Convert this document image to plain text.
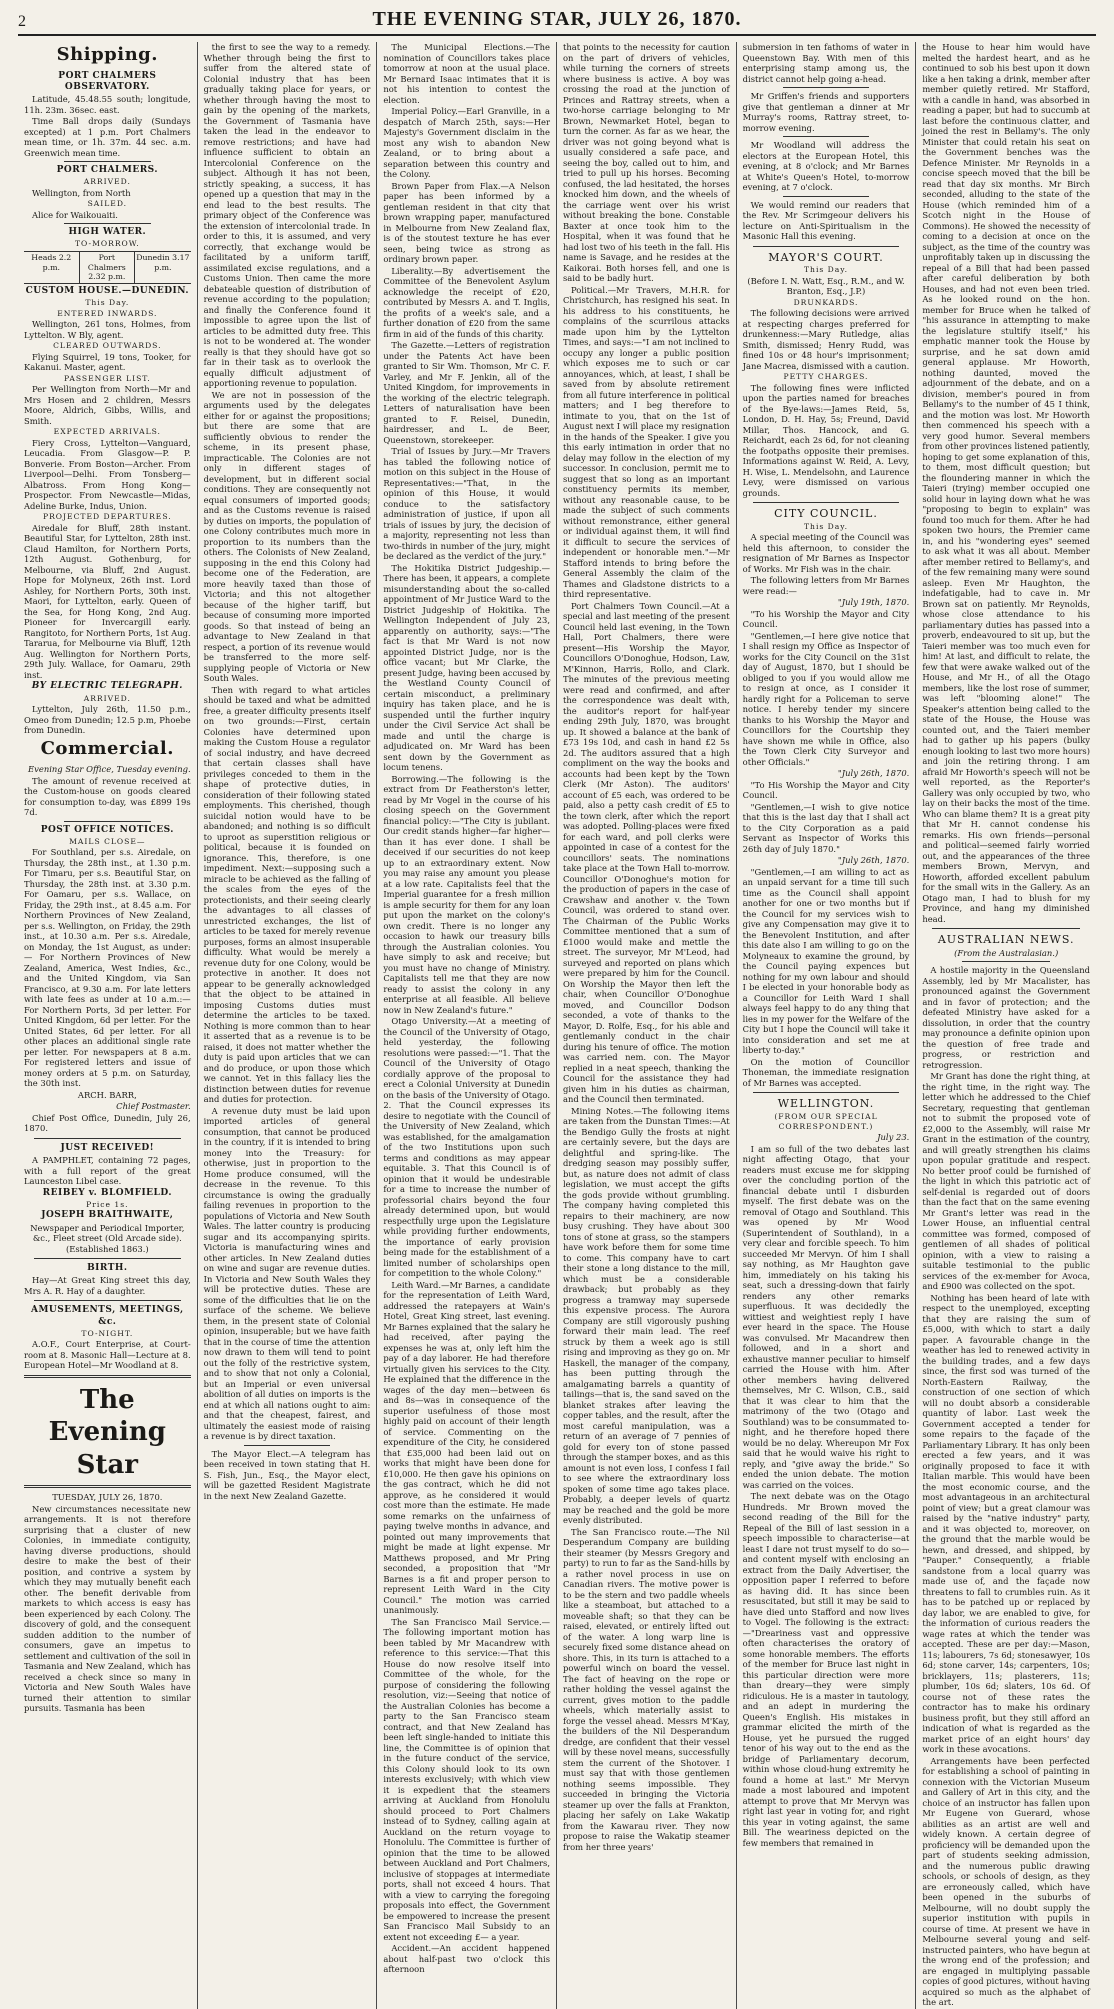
2	THE EVENING STAR, JULY 26, 1870.
Shipping.

PORT CHALMERS OBSERVATORY.

Latitude, 45.48.55 south; longitude, 11h. 23m. 36sec. east.

Time Ball drops daily (Sundays excepted) at 1 p.m. Port Chalmers mean time, or 1h. 37m. 44 sec. a.m. Greenwich mean time.

PORT CHALMERS.

ARRIVED.

Wellington, from North

SAILED.

Alice for Waikouaiti.

HIGH WATER.

TO-MORROW.

Heads 2.2 p.m.
Port Chalmers 2.32 p.m.
Dunedin 3.17 p.m.

CUSTOM HOUSE.—DUNEDIN.

This Day.

ENTERED INWARDS.

Wellington, 261 tons, Holmes, from Lyttelton. W Bly, agent.

CLEARED OUTWARDS.

Flying Squirrel, 19 tons, Tooker, for Kakanui. Master, agent.

PASSENGER LIST.

Per Wellington from North—Mr and Mrs Hosen and 2 children, Messrs Moore, Aldrich, Gibbs, Willis, and Smith.

EXPECTED ARRIVALS.

Fiery Cross, Lyttelton—Vanguard, Leucadia. From Glasgow—P. P. Bonverie. From Boston—Archer. From Liverpool—Delhi. From Tonsberg—Albatross. From Hong Kong—Prospector. From Newcastle—Midas, Adeline Burke, Indus, Union.

PROJECTED DEPARTURES.

Airedale for Bluff, 28th instant. Beautiful Star, for Lyttelton, 28th inst. Claud Hamilton, for Northern Ports, 12th August. Gothenburg, for Melbourne, via Bluff, 2nd August. Hope for Molyneux, 26th inst. Lord Ashley, for Northern Ports, 30th inst. Maori, for Lyttelton, early. Queen of the Sea, for Hong Kong, 2nd Aug. Pioneer for Invercargill early. Rangitoto, for Northern Ports, 1st Aug. Tararua, for Melbourne via Bluff, 12th Aug. Wellington for Northern Ports, 29th July. Wallace, for Oamaru, 29th inst.

BY ELECTRIC TELEGRAPH.

ARRIVED.

Lyttelton, July 26th, 11.50 p.m., Omeo from Dunedin; 12.5 p.m, Phoebe from Dunedin.

Commercial.

Evening Star Office, Tuesday evening.

The amount of revenue received at the Custom-house on goods cleared for consumption to-day, was £899 19s 7d.

POST OFFICE NOTICES.

MAILS CLOSE—

For Southland, per s.s. Airedale, on Thursday, the 28th inst., at 1.30 p.m. For Timaru, per s.s. Beautiful Star, on Thursday, the 28th inst. at 3.30 p.m. For Oamaru, per s.s. Wallace, on Friday, the 29th inst., at 8.45 a.m. For Northern Provinces of New Zealand, per s.s. Wellington, on Friday, the 29th inst., at 10.30 a.m. Per s.s. Airedale, on Monday, the 1st August, as under:— For Northern Provinces of New Zealand, America, West Indies, &c., and the United Kingdom, via San Francisco, at 9.30 a.m. For late letters with late fees as under at 10 a.m.:— For Northern Ports, 3d per letter. For United Kingdom, 6d per letter. For the United States, 6d per letter. For all other places an additional single rate per letter. For newspapers at 8 a.m. For registered letters and issue of money orders at 5 p.m. on Saturday, the 30th inst.

ARCH. BARR,

Chief Postmaster.

Chief Post Office, Dunedin, July 26, 1870.

JUST RECEIVED!

A PAMPHLET, containing 72 pages, with a full report of the great Launceston Libel case.

REIBEY v. BLOMFIELD.

Price 1s.

JOSEPH BRAITHWAITE,

Newspaper and Periodical Importer, &c., Fleet street (Old Arcade side). (Established 1863.)

BIRTH.

Hay—At Great King street this day, Mrs A. R. Hay of a daughter.

AMUSEMENTS, MEETINGS, &c.

TO-NIGHT.

A.O.F., Court Enterprise, at Court-room at 8. Masonic Hall—Lecture at 8. European Hotel—Mr Woodland at 8.

The Evening Star

TUESDAY, JULY 26, 1870.

New circumstances necessitate new arrangements. It is not therefore surprising that a cluster of new Colonies, in immediate contiguity, having diverse productions, should desire to make the best of their position, and contrive a system by which they may mutually benefit each other. The benefit derivable from markets to which access is easy has been experienced by each Colony. The discovery of gold, and the consequent sudden addition to the number of consumers, gave an impetus to settlement and cultivation of the soil in Tasmania and New Zealand, which has received a check since so many in Victoria and New South Wales have turned their attention to similar pursuits. Tasmania has been

the first to see the way to a remedy. Whether through being the first to suffer from the altered state of Colonial industry that has been gradually taking place for years, or whether through having the most to gain by the opening of the markets, the Government of Tasmania have taken the lead in the endeavor to remove restrictions; and have had influence sufficient to obtain an Intercolonial Conference on the subject. Although it has not been, strictly speaking, a success, it has opened up a question that may in the end lead to the best results. The primary object of the Conference was the extension of intercolonial trade. In order to this, it is assumed, and very correctly, that exchange would be facilitated by a uniform tariff, assimilated excise regulations, and a Customs Union. Then came the more debateable question of distribution of revenue according to the population; and finally the Conference found it impossible to agree upon the list of articles to be admitted duty free. This is not to be wondered at. The wonder really is that they should have got so far in their task as to overlook the equally difficult adjustment of apportioning revenue to population.

We are not in possession of the arguments used by the delegates either for or against the propositions; but there are some that are sufficiently obvious to render the scheme, in its present phase, impracticable. The Colonies are not only in different stages of development, but in different social conditions. They are consequently not equal consumers of imported goods; and as the Customs revenue is raised by duties on imports, the population of one Colony contributes much more in proportion to its numbers than the others. The Colonists of New Zealand, supposing in the end this Colony had become one of the Federation, are more heavily taxed than those of Victoria; and this not altogether because of the higher tariff, but because of consuming more imported goods. So that instead of being an advantage to New Zealand in that respect, a portion of its revenue would be transferred to the more self-supplying people of Victoria or New South Wales.

Then with regard to what articles should be taxed and what be admitted free, a greater difficulty presents itself on two grounds:—First, certain Colonies have determined upon making the Custom House a regulator of social industry, and have decreed that certain classes shall have privileges conceded to them in the shape of protective duties, in consideration of their following stated employments. This cherished, though suicidal notion would have to be abandoned; and nothing is so difficult to uproot as superstition religious or political, because it is founded on ignorance. This, therefore, is one impediment. Next:—supposing such a miracle to be achieved as the falling of the scales from the eyes of the protectionists, and their seeing clearly the advantages to all classes of unrestricted exchanges, the list of articles to be taxed for merely revenue purposes, forms an almost insuperable difficulty. What would be merely a revenue duty for one Colony, would be protective in another. It does not appear to be generally acknowledged that the object to be attained in imposing Customs duties must determine the articles to be taxed. Nothing is more common than to hear it asserted that as a revenue is to be raised, it does not matter whether the duty is paid upon articles that we can and do produce, or upon those which we cannot. Yet in this fallacy lies the distinction between duties for revenue and duties for protection.

A revenue duty must be laid upon imported articles of general consumption, that cannot be produced in the country, if it is intended to bring money into the Treasury: for otherwise, just in proportion to the Home produce consumed, will the decrease in the revenue. To this circumstance is owing the gradually failing revenues in proportion to the populations of Victoria and New South Wales. The latter country is producing sugar and its accompanying spirits. Victoria is manufacturing wines and other articles. In New Zealand duties on wine and sugar are revenue duties. In Victoria and New South Wales they will be protective duties. These are some of the difficulties that lie on the surface of the scheme. We believe them, in the present state of Colonial opinion, insuperable; but we have faith that in the course of time the attention now drawn to them will tend to point out the folly of the restrictive system, and to show that not only a Colonial, but an Imperial or even universal abolition of all duties on imports is the end at which all nations ought to aim: and that the cheapest, fairest, and ultimately the easiest mode of raising a revenue is by direct taxation.

The Mayor Elect.—A telegram has been received in town stating that H. S. Fish, Jun., Esq., the Mayor elect, will be gazetted Resident Magistrate in the next New Zealand Gazette.

The Municipal Elections.—The nomination of Councillors takes place tomorrow at noon at the usual place. Mr Bernard Isaac intimates that it is not his intention to contest the election.

Imperial Policy.—Earl Granville, in a despatch of March 25th, says:—Her Majesty's Government disclaim in the most any wish to abandon New Zealand, or to bring about a separation between this country and the Colony.

Brown Paper from Flax.—A Nelson paper has been informed by a gentleman resident in that city that brown wrapping paper, manufactured in Melbourne from New Zealand flax, is of the stoutest texture he has ever seen, being twice as strong as ordinary brown paper.

Liberality.—By advertisement the Committee of the Benevolent Asylum acknowledge the receipt of £20, contributed by Messrs A. and T. Inglis, the profits of a week's sale, and a further donation of £20 from the same firm in aid of the funds of this charity.

The Gazette.—Letters of registration under the Patents Act have been granted to Sir Wm. Thomson, Mr C. F. Varley, and Mr F. Jenkin, all of the United Kingdom, for improvements in the working of the electric telegraph. Letters of naturalisation have been granted to F. Reisel, Dunedin, hairdresser, and L. de Beer, Queenstown, storekeeper.

Trial of Issues by Jury.—Mr Travers has tabled the following notice of motion on this subject in the House of Representatives:—"That, in the opinion of this House, it would conduce to the satisfactory administration of justice, if upon all trials of issues by jury, the decision of a majority, representing not less than two-thirds in number of the jury, might be declared as the verdict of the jury."

The Hokitika District Judgeship.—There has been, it appears, a complete misunderstanding about the so-called appointment of Mr Justice Ward to the District Judgeship of Hokitika. The Wellington Independent of July 23, apparently on authority, says:—"The fact is that Mr Ward is not now appointed District Judge, nor is the office vacant; but Mr Clarke, the present Judge, having been accused by the Westland County Council of certain misconduct, a preliminary inquiry has taken place, and he is suspended until the further inquiry under the Civil Service Act shall be made and until the charge is adjudicated on. Mr Ward has been sent down by the Government as locum tenens.

Borrowing.—The following is the extract from Dr Featherston's letter, read by Mr Vogel in the course of his closing speech on the Government financial policy:—"The City is jubilant. Our credit stands higher—far higher—than it has ever done. I shall be deceived if our securities do not keep up to an extraordinary extent. Now you may raise any amount you please at a low rate. Capitalists feel that the Imperial guarantee for a fresh million is ample security for them for any loan put upon the market on the colony's own credit. There is no longer any occasion to hawk our treasury bills through the Australian colonies. You have simply to ask and receive; but you must have no change of Ministry. Capitalists tell me that they are now ready to assist the colony in any enterprise at all feasible. All believe now in New Zealand's future."

Otago University.—At a meeting of the Council of the University of Otago, held yesterday, the following resolutions were passed:—"1. That the Council of the University of Otago cordially approve of the proposal to erect a Colonial University at Dunedin on the basis of the University of Otago. 2. That the Council expresses its desire to negotiate with the Council of the University of New Zealand, which was established, for the amalgamation of the two Institutions upon such terms and conditions as may appear equitable. 3. That this Council is of opinion that it would be undesirable for a time to increase the number of professorial chairs beyond the four already determined upon, but would respectfully urge upon the Legislature while providing further endowments, the importance of early provision being made for the establishment of a limited number of scholarships open for competition to the whole Colony."

Leith Ward.—Mr Barnes, a candidate for the representation of Leith Ward, addressed the ratepayers at Wain's Hotel, Great King street, last evening. Mr Barnes explained that the salary he had received, after paying the expenses he was at, only left him the pay of a day laborer. He had therefore virtually given his services to the City. He explained that the difference in the wages of the day men—between 6s and 8s—was in consequence of the superior usefulness of those most highly paid on account of their length of service. Commenting on the expenditure of the City, he considered that £35,000 had been laid out on works that might have been done for £10,000. He then gave his opinions on the gas contract, which he did not approve, as he considered it would cost more than the estimate. He made some remarks on the unfairness of paying twelve months in advance, and pointed out many improvements that might be made at light expense. Mr Matthews proposed, and Mr Pring seconded, a proposition that "Mr Barnes is a fit and proper person to represent Leith Ward in the City Council." The motion was carried unanimously.

The San Francisco Mail Service.—The following important motion has been tabled by Mr Macandrew with reference to this service:—That this House do now resolve itself into Committee of the whole, for the purpose of considering the following resolution, viz:—Seeing that notice of the Australian Colonies has become a party to the San Francisco steam contract, and that New Zealand has been left single-handed to initiate this line, the Committee is of opinion that in the future conduct of the service, this Colony should look to its own interests exclusively; with which view it is expedient that the steamers arriving at Auckland from Honolulu should proceed to Port Chalmers instead of to Sydney, calling again at Auckland on the return voyage to Honolulu. The Committee is further of opinion that the time to be allowed between Auckland and Port Chalmers, inclusive of stoppages at intermediate ports, shall not exceed 4 hours. That with a view to carrying the foregoing proposals into effect, the Government be empowered to increase the present San Francisco Mail Subsidy to an extent not exceeding £— a year.

Accident.—An accident happened about half-past two o'clock this afternoon

that points to the necessity for caution on the part of drivers of vehicles, while turning the corners of streets where business is active. A boy was crossing the road at the junction of Princes and Rattray streets, when a two-horse carriage belonging to Mr Brown, Newmarket Hotel, began to turn the corner. As far as we hear, the driver was not going beyond what is usually considered a safe pace, and seeing the boy, called out to him, and tried to pull up his horses. Becoming confused, the lad hesitated, the horses knocked him down, and the wheels of the carriage went over his wrist without breaking the bone. Constable Baxter at once took him to the Hospital, when it was found that he had lost two of his teeth in the fall. His name is Savage, and he resides at the Kaikorai. Both horses fell, and one is said to be badly hurt.

Political.—Mr Travers, M.H.R. for Christchurch, has resigned his seat. In his address to his constituents, he complains of the scurrilous attacks made upon him by the Lyttelton Times, and says:—"I am not inclined to occupy any longer a public position which exposes me to such or car annoyances, which, at least, I shall be saved from by absolute retirement from all future interference in political matters; and I beg therefore to intimate to you, that on the 1st of August next I will place my resignation in the hands of the Speaker. I give you this early intimation in order that no delay may follow in the election of my successor. In conclusion, permit me to suggest that so long as an important constituency permits its member, without any reasonable cause, to be made the subject of such comments without remonstrance, either general or individual against them, it will find it difficult to secure the services of independent or honorable men."—Mr Stafford intends to bring before the General Assembly the claim of the Thames and Gladstone districts to a third representative.

Port Chalmers Town Council.—At a special and last meeting of the present Council held last evening, in the Town Hall, Port Chalmers, there were present—His Worship the Mayor, Councillors O'Donoghue, Hodson, Law, M'Kinnon, Harris, Rollo, and Clark. The minutes of the previous meeting were read and confirmed, and after the correspondence was dealt with, the auditor's report for half-year ending 29th July, 1870, was brought up. It showed a balance at the bank of £73 19s 10d, and cash in hand £2 5s 2d. The auditors assured that a high compliment on the way the books and accounts had been kept by the Town Clerk (Mr Aston). The auditors' account of £5 each, was ordered to be paid, also a petty cash credit of £5 to the town clerk, after which the report was adopted. Polling-places were fixed for each ward, and poll clerks were appointed in case of a contest for the councillors' seats. The nominations take place at the Town Hall to-morrow. Councillor O'Donoghue's motion for the production of papers in the case of Crawshaw and another v. the Town Council, was ordered to stand over. The Chairman of the Public Works Committee mentioned that a sum of £1000 would make and mettle the street. The surveyor, Mr M'Leod, had surveyed and reported on plans which were prepared by him for the Council. On Worship the Mayor then left the chair, when Councillor O'Donoghue moved, and Councillor Dodson seconded, a vote of thanks to the Mayor, D. Rolfe, Esq., for his able and gentlemanly conduct in the chair during his tenure of office. The motion was carried nem. con. The Mayor replied in a neat speech, thanking the Council for the assistance they had given him in his duties as chairman, and the Council then terminated.

Mining Notes.—The following items are taken from the Dunstan Times:—At the Bendigo Gully the frosts at night are certainly severe, but the days are delightful and spring-like. The dredging season may possibly suffer, but, as nature does not admit of class legislation, we must accept the gifts the gods provide without grumbling. The company having completed this repairs to their machinery, are now busy crushing. They have about 300 tons of stone at grass, so the stampers have work before them for some time to come. This company have to cart their stone a long distance to the mill, which must be a considerable drawback; but probably as they progress a tramway may supersede this expensive process. The Aurora Company are still vigorously pushing forward their main lead. The reef struck by them a week ago is still rising and improving as they go on. Mr Haskell, the manager of the company, has been putting through the amalgamating barrels a quantity of tailings—that is, the sand saved on the blanket strakes after leaving the copper tables, and the result, after the most careful manipulation, was a return of an average of 7 pennies of gold for every ton of stone passed through the stamper boxes, and as this amount is not even loss, I confess I fail to see where the extraordinary loss spoken of some time ago takes place. Probably, a deeper levels of quartz may be reached and the gold be more evenly distributed.

The San Francisco route.—The Nil Desperandum Company are building their steamer (by Messrs Gregory and party) to run to far as the Sand-hills by a rather novel process in use on Canadian rivers. The motive power is to be the stern and two paddle wheels like a steamboat, but attached to a moveable shaft; so that they can be raised, elevated, or entirely lifted out of the water. A long warp line is securely fixed some distance ahead on shore. This, in its turn is attached to a powerful winch on board the vessel. The fact of heaving on the rope or rather holding the vessel against the current, gives motion to the paddle wheels, which materially assist to forge the vessel ahead. Messrs M'Kay, the builders of the Nil Desperandum dredge, are confident that their vessel will by these novel means, successfully stem the current of the Shotover. I must say that with those gentlemen nothing seems impossible. They succeeded in bringing the Victoria steamer up over the falls at Frankton, placing her safely on Lake Wakatip from the Kawarau river. They now propose to raise the Wakatip steamer from her three years'

submersion in ten fathoms of water in Queenstown Bay. With men of this enterprising stamp among us, the district cannot help going a-head.

Mr Griffen's friends and supporters give that gentleman a dinner at Mr Murray's rooms, Rattray street, to-morrow evening.

Mr Woodland will address the electors at the European Hotel, this evening, at 8 o'clock; and Mr Barnes at White's Queen's Hotel, to-morrow evening, at 7 o'clock.

We would remind our readers that the Rev. Mr Scrimgeour delivers his lecture on Anti-Spiritualism in the Masonic Hall this evening.

MAYOR'S COURT.

This Day.

(Before I. N. Watt, Esq., R.M., and W. Branton, Esq., J.P.)

DRUNKARDS.

The following decisions were arrived at respecting charges preferred for drunkenness:—Mary Rutledge, alias Smith, dismissed; Henry Rudd, was fined 10s or 48 hour's imprisonment; Jane Macrea, dismissed with a caution.

PETTY CHARGES.

The following fines were inflicted upon the parties named for breaches of the Bye-laws:—James Reid, 5s, London, D. H. Hay, 5s; Freund, David Millar, Thos. Hancock, and G. Reichardt, each 2s 6d, for not cleaning the footpaths opposite their premises. Informations against W. Reid, A. Levy, H. Wise, L. Mendelsohn, and Laurence Levy, were dismissed on various grounds.

CITY COUNCIL.

This Day.

A special meeting of the Council was held this afternoon, to consider the resignation of Mr Barnes as Inspector of Works. Mr Fish was in the chair.

The following letters from Mr Barnes were read:—

"July 19th, 1870.

"To his Worship the Mayor and City Council.

"Gentlemen,—I here give notice that I shall resign my Office as Inspector of works for the City Council on the 31st day of August, 1870, but I should be obliged to you if you would allow me to resign at once, as I consider it hardly right for a Policeman to serve notice. I hereby tender my sincere thanks to his Worship the Mayor and Councillors for the Courtship they have shown me while in Office, also the Town Clerk City Surveyor and other Officials."

"July 26th, 1870.

"To His Worship the Mayor and City Council.

"Gentlemen,—I wish to give notice that this is the last day that I shall act to the City Corporation as a paid Servant as Inspector of Works this 26th day of July 1870."

"July 26th, 1870.

"Gentlemen,—I am willing to act as an unpaid servant for a time till such time as the Council shall appoint another for one or two months but if the Council for my services wish to give any Compensation may give it to the Benevolent Institution, and after this date also I am willing to go on the Molyneaux to examine the ground, by the Council paying expences but nothing for my own labour and should I be elected in your honorable body as a Councillor for Leith Ward I shall always feel happy to do any thing that lies in my power for the Welfare of the City but I hope the Council will take it into consideration and set me at liberty to-day."

On the motion of Councillor Thoneman, the immediate resignation of Mr Barnes was accepted.

WELLINGTON.

(FROM OUR SPECIAL CORRESPONDENT.)

July 23.

I am so full of the two debates last night affecting Otago, that your readers must excuse me for skipping over the concluding portion of the financial debate until I disburden myself. The first debate was on the removal of Otago and Southland. This was opened by Mr Wood (Superintendent of Southland), in a very clear and forcible speech. To him succeeded Mr Mervyn. Of him I shall say nothing, as Mr Haughton gave him, immediately on his taking his seat, such a dressing-down that fairly renders any other remarks superfluous. It was decidedly the wittiest and weightiest reply I have ever heard in the space. The House was convulsed. Mr Macandrew then followed, and in a short and exhaustive manner peculiar to himself carried the House with him. After other members having delivered themselves, Mr C. Wilson, C.B., said that it was clear to him that the matrimony of the two (Otago and Southland) was to be consummated to-night, and he therefore hoped there would be no delay. Whereupon Mr Fox said that he would waive his right to reply, and "give away the bride." So ended the union debate. The motion was carried on the voices.

The next debate was on the Otago Hundreds. Mr Brown moved the second reading of the Bill for the Repeal of the Bill of last session in a speech impossible to characterise—at least I dare not trust myself to do so—and content myself with enclosing an extract from the Daily Advertiser, the opposition paper I referred to before as having did. It has since been resuscitated, but still it may be said to have died unto Stafford and now lives to Vogel. The following is the extract:—"Dreariness vast and oppressive often characterises the oratory of some honorable members. The efforts of the member for Bruce last night in this particular direction were more than dreary—they were simply ridiculous. He is a master in tautology, and an adept in murdering the Queen's English. His mistakes in grammar elicited the mirth of the House, yet he pursued the rugged tenor of his way out to the end as the bridge of Parliamentary decorum, within whose cloud-hung extremity he found a home at last." Mr Mervyn made a most laboured and impotent attempt to prove that Mr Mervyn was right last year in voting for, and right this year in voting against, the same Bill. The weariness depicted on the few members that remained in

the House to hear him would have melted the hardest heart, and as he continued to sob his best upon it down like a hen taking a drink, member after member quietly retired. Mr Stafford, with a candle in hand, was absorbed in reading a paper, but had to succumb at last before the continuous clatter, and joined the rest in Bellamy's. The only Minister that could retain his seat on the Government benches was the Defence Minister. Mr Reynolds in a concise speech moved that the bill be read that day six months. Mr Birch seconded, alluding to the state of the House (which reminded him of a Scotch night in the House of Commons). He showed the necessity of coming to a decision at once on the subject, as the time of the country was unprofitably taken up in discussing the repeal of a Bill that had been passed after careful deliberation by both Houses, and had not even been tried. As he looked round on the hon. member for Bruce when he talked of "his assurance in attempting to make the legislature stultify itself," his emphatic manner took the House by surprise, and he sat down amid general applause. Mr Howorth, nothing daunted, moved the adjournment of the debate, and on a division, member's poured in from Bellamy's to the number of 45 I think, and the motion was lost. Mr Howorth then commenced his speech with a very good humor. Several members from other provinces listened patiently, hoping to get some explanation of this, to them, most difficult question; but the floundering manner in which the Taieri (trying) member occupied one solid hour in laying down what he was "proposing to begin to explain" was found too much for them. After he had spoken two hours, the Premier came in, and his "wondering eyes" seemed to ask what it was all about. Member after member retired to Bellamy's, and of the few remaining many were sound asleep. Even Mr Haughton, the indefatigable, had to cave in. Mr Brown sat on patiently. Mr Reynolds, whose close attendance to his parliamentary duties has passed into a proverb, endeavoured to sit up, but the Taieri member was too much even for him! At last, and difficult to relate, the few that were awake walked out of the House, and Mr H., of all the Otago members, like the lost rose of summer, was left "blooming alone!" The Speaker's attention being called to the state of the House, the House was counted out, and the Taieri member had to gather up his papers (bulky enough looking to last two more hours) and join the retiring throng. I am afraid Mr Howorth's speech will not be well reported, as the Reporter's Gallery was only occupied by two, who lay on their backs the most of the time. Who can blame them? It is a great pity that Mr H. cannot condense his remarks. His own friends—personal and political—seemed fairly worried out, and the appearances of the three members Brown, Mervyn, and Howorth, afforded excellent pabulum for the small wits in the Gallery. As an Otago man, I had to blush for my Province, and hang my diminished head.

AUSTRALIAN NEWS.

(From the Australasian.)

A hostile majority in the Queensland Assembly, led by Mr Macalister, has pronounced against the Government and in favor of protection; and the defeated Ministry have asked for a dissolution, in order that the country may pronounce a definite opinion upon the question of free trade and progress, or restriction and retrogression.

Mr Grant has done the right thing, at the right time, in the right way. The letter which he addressed to the Chief Secretary, requesting that gentleman not to submit the proposed vote of £2,000 to the Assembly, will raise Mr Grant in the estimation of the country, and will greatly strengthen his claims upon popular gratitude and respect. No better proof could be furnished of the light in which this patriotic act of self-denial is regarded out of doors than the fact that on the same evening Mr Grant's letter was read in the Lower House, an influential central committee was formed, composed of gentlemen of all shades of political opinion, with a view to raising a suitable testimonial to the public services of the ex-member for Avoca, and £900 was collected on the spot.

Nothing has been heard of late with respect to the unemployed, excepting that they are raising the sum of £5,000, with which to start a daily paper. A favourable change in the weather has led to renewed activity in the building trades, and a few days since, the first sod was turned of the North-Eastern Railway, the construction of one section of which will no doubt absorb a considerable quantity of labor. Last week the Government accepted a tender for some repairs to the façade of the Parliamentary Library. It has only been erected a few years, and it was originally proposed to face it with Italian marble. This would have been the most economic course, and the most advantageous in an architectural point of view; but a great clamour was raised by the "native industry" party, and it was objected to, moreover, on the ground that the marble would be hewn, and dressed, and shipped, by "Pauper." Consequently, a friable sandstone from a local quarry was made use of, and the façade now threatens to fall to crumbles ruin. As it has to be patched up or replaced by day labor, we are enabled to give, for the information of curious readers the wage rates at which the tender was accepted. These are per day:—Mason, 11s; labourers, 7s 6d; stonesawyer, 10s 6d; stone carver, 14s; carpenters, 10s; bricklayers, 11s; plasterers, 11s; plumber, 10s 6d; slaters, 10s 6d. Of course not of these rates the contractor has to make his ordinary business profit, but they still afford an indication of what is regarded as the market price of an eight hours' day work in these avocations.

Arrangements have been perfected for establishing a school of painting in connexion with the Victorian Museum and Gallery of Art in this city, and the choice of an instructor has fallen upon Mr Eugene von Guerard, whose abilities as an artist are well and widely known. A certain degree of proficiency will be demanded upon the part of students seeking admission, and the numerous public drawing schools, or schools of design, as they are erroneously called, which have been opened in the suburbs of Melbourne, will no doubt supply the superior institution with pupils in course of time. At present we have in Melbourne several young and self-instructed painters, who have begun at the wrong end of the profession; and are engaged in multiplying passable copies of good pictures, without having acquired so much as the alphabet of the art.
